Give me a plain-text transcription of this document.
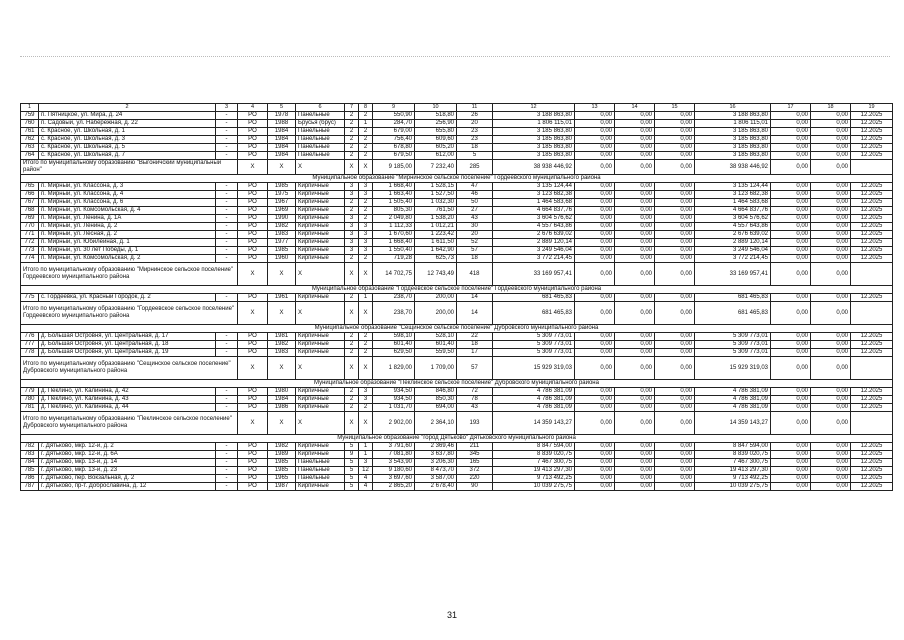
1	2	3	4	5	6	7	8	9	10	11	12	13	14	15	16	17	18	19
759	п. Пятницкое, ул. Мира, д. 24	-	PO	1978	Панельные	2	2	550,90	518,80	26	3 188 863,80	0,00	0,00	0,00	3 188 863,80	0,00	0,00	12.2025
760	п. Садовый, ул. Набережная, д. 22	-	PO	1988	Брусья (бруc)	2	1	284,70	256,90	20	1 806 115,01	0,00	0,00	0,00	1 806 115,01	0,00	0,00	12.2025
761	с. Красное, ул. Школьная, д. 1	-	PO	1984	Панельные	2	2	679,00	655,80	23	3 185 863,80	0,00	0,00	0,00	3 185 863,80	0,00	0,00	12.2025
762	с. Красное, ул. Школьная, д. 3	-	PO	1984	Панельные	2	2	756,40	609,60	23	3 185 863,80	0,00	0,00	0,00	3 185 863,80	0,00	0,00	12.2025
763	с. Красное, ул. Школьная, д. 5	-	PO	1984	Панельные	2	2	678,80	605,20	18	3 185 863,80	0,00	0,00	0,00	3 185 863,80	0,00	0,00	12.2025
764	с. Красное, ул. Школьная, д. 7	-	PO	1984	Панельные	2	2	679,50	612,00	5	3 185 863,80	0,00	0,00	0,00	3 185 863,80	0,00	0,00	12.2025
Итого по муниципальному образованию "Выгоничский муниципальный район"			X	X	X	X	X	9 185,00	7 232,40	285	38 938 446,92	0,00	0,00	0,00	38 938 446,92	0,00	0,00	
Муниципальное образование "Мирнинское сельское поселение" Гордеевского муниципального района																		
765	п. Мирный, ул. Классона, д. 3	-	PO	1985	Кирпичные	3	3	1 668,40	1 528,15	47	3 135 124,44	0,00	0,00	0,00	3 135 124,44	0,00	0,00	12.2025
766	п. Мирный, ул. Классона, д. 4	-	PO	1975	Кирпичные	3	3	1 663,40	1 527,50	46	3 123 682,38	0,00	0,00	0,00	3 123 682,38	0,00	0,00	12.2025
767	п. Мирный, ул. Классона, д. 6	-	PO	1967	Кирпичные	2	2	1 505,40	1 032,30	50	1 464 583,68	0,00	0,00	0,00	1 464 583,68	0,00	0,00	12.2025
768	п. Мирный, ул. Комсомольская, д. 4	-	PO	1969	Кирпичные	2	2	805,30	761,50	27	4 664 837,76	0,00	0,00	0,00	4 664 837,76	0,00	0,00	12.2025
769	п. Мирный, ул. Ленина, д. 1А	-	PO	1990	Кирпичные	3	2	2 049,80	1 538,20	43	3 604 576,62	0,00	0,00	0,00	3 604 576,62	0,00	0,00	12.2025
770	п. Мирный, ул. Ленина, д. 2	-	PO	1982	Кирпичные	3	3	1 112,33	1 012,21	30	4 557 643,86	0,00	0,00	0,00	4 557 643,86	0,00	0,00	12.2025
771	п. Мирный, ул. Лесная, д. 2	-	PO	1983	Кирпичные	3	3	1 670,60	1 223,42	20	2 676 639,02	0,00	0,00	0,00	2 676 639,02	0,00	0,00	12.2025
772	п. Мирный, ул. Юбилейная, д. 1	-	PO	1977	Кирпичные	3	3	1 668,40	1 611,50	52	2 889 120,14	0,00	0,00	0,00	2 889 120,14	0,00	0,00	12.2025
773	п. Мирный, ул. 30 лет Победы, д. 1	-	PO	1985	Кирпичные	3	3	1 550,40	1 642,90	57	3 249 546,04	0,00	0,00	0,00	3 249 546,04	0,00	0,00	12.2025
774	п. Мирный, ул. Комсомольская, д. 2	-	PO	1960	Кирпичные	2	2	719,28	625,73	18	3 772 214,45	0,00	0,00	0,00	3 772 214,45	0,00	0,00	12.2025
Итого по муниципальному образованию "Мирнинское сельское поселение" Гордеевского муниципального района			X	X	X	X	X	14 702,75	12 743,49	418	33 169 957,41	0,00	0,00	0,00	33 169 957,41	0,00	0,00	
Муниципальное образование "Гордеевское сельское поселение" Гордеевского муниципального района																		
775	с. Гордеевка, ул. Красный Городок, д. 2	-	PO	1961	Кирпичные	2	1	238,70	200,00	14	681 465,83	0,00	0,00	0,00	681 465,83	0,00	0,00	12.2025
Итого по муниципальному образованию "Гордеевское сельское поселение" Гордеевского муниципального района			X	X	X	X	X	238,70	200,00	14	681 465,83	0,00	0,00	0,00	681 465,83	0,00	0,00	
Муниципальное образование "Сещинское сельское поселение" Дубровского муниципального района																		
776	д. Большая Островня, ул. Центральная, д. 17	-	PO	1981	Кирпичные	2	2	598,10	528,10	22	5 309 773,01	0,00	0,00	0,00	5 309 773,01	0,00	0,00	12.2025
777	д. Большая Островня, ул. Центральная, д. 18	-	PO	1982	Кирпичные	2	2	601,40	601,40	18	5 309 773,01	0,00	0,00	0,00	5 309 773,01	0,00	0,00	12.2025
778	д. Большая Островня, ул. Центральная, д. 19	-	PO	1983	Кирпичные	2	2	629,50	559,50	17	5 309 773,01	0,00	0,00	0,00	5 309 773,01	0,00	0,00	12.2025
Итого по муниципальному образованию "Сещинское сельское поселение" Дубровского муниципального района			X	X	X	X	X	1 829,00	1 709,00	57	15 929 319,03	0,00	0,00	0,00	15 929 319,03	0,00	0,00	
Муниципальное образование "Пеклинское сельское поселение" Дубровского муниципального района																		
779	д. Пеклино, ул. Калинина, д. 42	-	PO	1980	Кирпичные	2	3	934,50	846,80	72	4 786 381,09	0,00	0,00	0,00	4 786 381,09	0,00	0,00	12.2025
780	д. Пеклино, ул. Калинина, д. 43	-	PO	1984	Кирпичные	2	3	934,50	850,30	78	4 786 381,09	0,00	0,00	0,00	4 786 381,09	0,00	0,00	12.2025
781	д. Пеклино, ул. Калинина, д. 44	-	PO	1986	Кирпичные	2	2	1 031,70	694,00	43	4 786 381,09	0,00	0,00	0,00	4 786 381,09	0,00	0,00	12.2025
Итого по муниципальному образованию "Пеклинское сельское поселение" Дубровского муниципального района			X	X	X	X	X	2 902,00	2 364,10	193	14 359 143,27	0,00	0,00	0,00	14 359 143,27	0,00	0,00	
Муниципальное образование "город Дятьково" Дятьковского муниципального района																		
782	г. Дятьково, мкр. 12-й, д. 2	-	PO	1982	Кирпичные	5	1	3 791,60	2 369,46	211	8 847 594,00	0,00	0,00	0,00	8 847 594,00	0,00	0,00	12.2025
783	г. Дятьково, мкр. 12-й, д. 6А	-	PO	1989	Кирпичные	9	1	7 081,80	3 637,80	345	8 839 020,75	0,00	0,00	0,00	8 839 020,75	0,00	0,00	12.2025
784	г. Дятьково, мкр. 13-й, д. 14	-	PO	1985	Панельные	5	3	3 543,90	3 206,30	165	7 467 300,75	0,00	0,00	0,00	7 467 300,75	0,00	0,00	12.2025
785	г. Дятьково, мкр. 13-й, д. 23	-	PO	1985	Панельные	5	12	9 180,60	8 473,70	372	19 413 297,30	0,00	0,00	0,00	19 413 297,30	0,00	0,00	12.2025
786	г. Дятьково, пер. Вокзальная, д. 2	-	PO	1965	Панельные	5	4	3 697,60	3 587,00	220	9 713 492,25	0,00	0,00	0,00	9 713 492,25	0,00	0,00	12.2025
787	г. Дятьково, пр-т. Доброславина, д. 12	-	PO	1987	Кирпичные	5	4	2 865,20	2 678,40	90	10 039 275,75	0,00	0,00	0,00	10 039 275,75	0,00	0,00	12.2025
31
